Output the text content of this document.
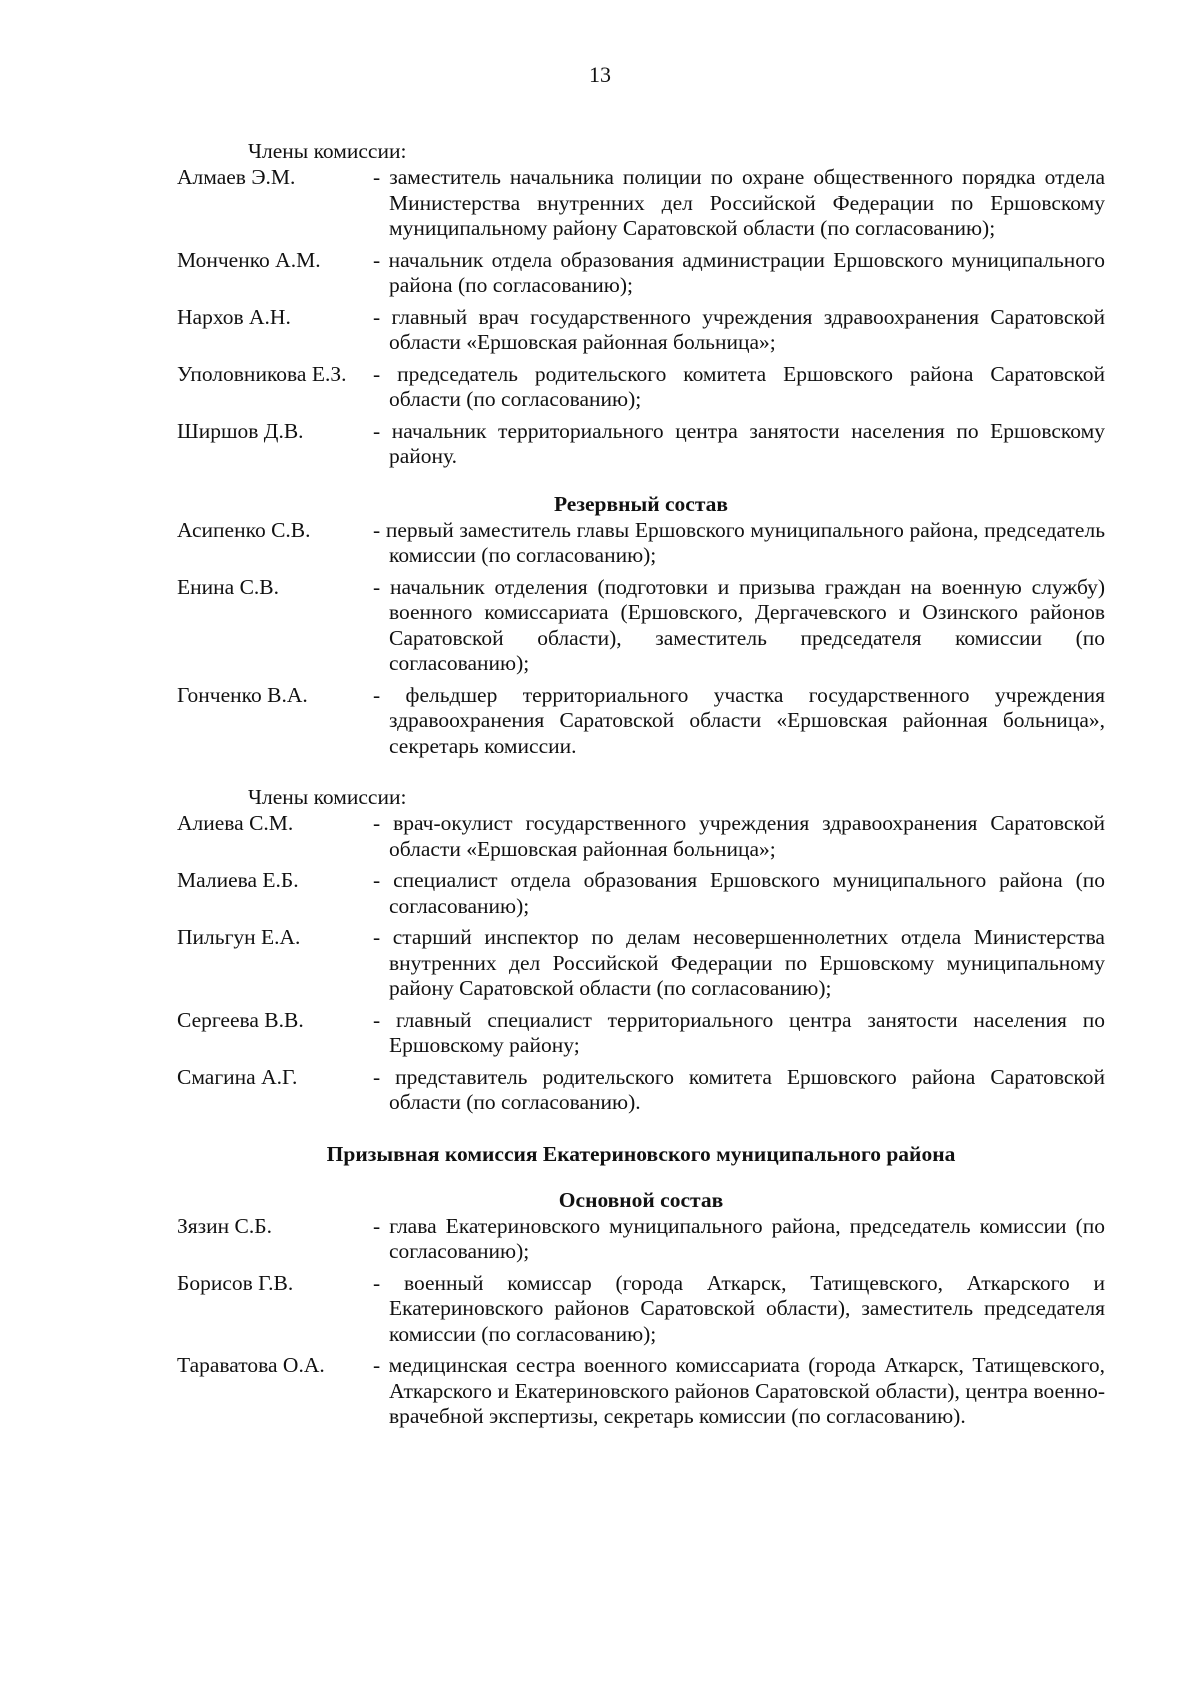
13

Члены комиссии:

Алмаев Э.М.	- заместитель начальника полиции по охране общественного порядка отдела Министерства внутренних дел Российской Федерации по Ершовскому муниципальному району Саратовской области (по согласованию);
Монченко А.М.	- начальник отдела образования администрации Ершовского муниципального района (по согласованию);
Нархов А.Н.	- главный врач государственного учреждения здравоохранения Саратовской области «Ершовская районная больница»;
Уполовникова Е.З.	- председатель родительского комитета Ершовского района Саратовской области (по согласованию);
Ширшов Д.В.	- начальник территориального центра занятости населения по Ершовскому району.

Резервный состав

Асипенко С.В.	- первый заместитель главы Ершовского муниципального района, председатель комиссии (по согласованию);
Енина С.В.	- начальник отделения (подготовки и призыва граждан на военную службу) военного комиссариата (Ершовского, Дергачевского и Озинского районов Саратовской области), заместитель председателя комиссии (по согласованию);
Гонченко В.А.	- фельдшер территориального участка государственного учреждения здравоохранения Саратовской области «Ершовская районная больница», секретарь комиссии.

Члены комиссии:

Алиева С.М.	- врач-окулист государственного учреждения здравоохранения Саратовской области «Ершовская районная больница»;
Малиева Е.Б.	- специалист отдела образования Ершовского муниципального района (по согласованию);
Пильгун Е.А.	- старший инспектор по делам несовершеннолетних отдела Министерства внутренних дел Российской Федерации по Ершовскому муниципальному району Саратовской области (по согласованию);
Сергеева В.В.	- главный специалист территориального центра занятости населения по Ершовскому району;
Смагина А.Г.	- представитель родительского комитета Ершовского района Саратовской области (по согласованию).

Призывная комиссия Екатериновского муниципального района

Основной состав

Зязин С.Б.	- глава Екатериновского муниципального района, председатель комиссии (по согласованию);
Борисов Г.В.	- военный комиссар (города Аткарск, Татищевского, Аткарского и Екатериновского районов Саратовской области), заместитель председателя комиссии (по согласованию);
Тараватова О.А.	- медицинская сестра военного комиссариата (города Аткарск, Татищевского, Аткарского и Екатериновского районов Саратовской области), центра военно-врачебной экспертизы, секретарь комиссии (по согласованию).
